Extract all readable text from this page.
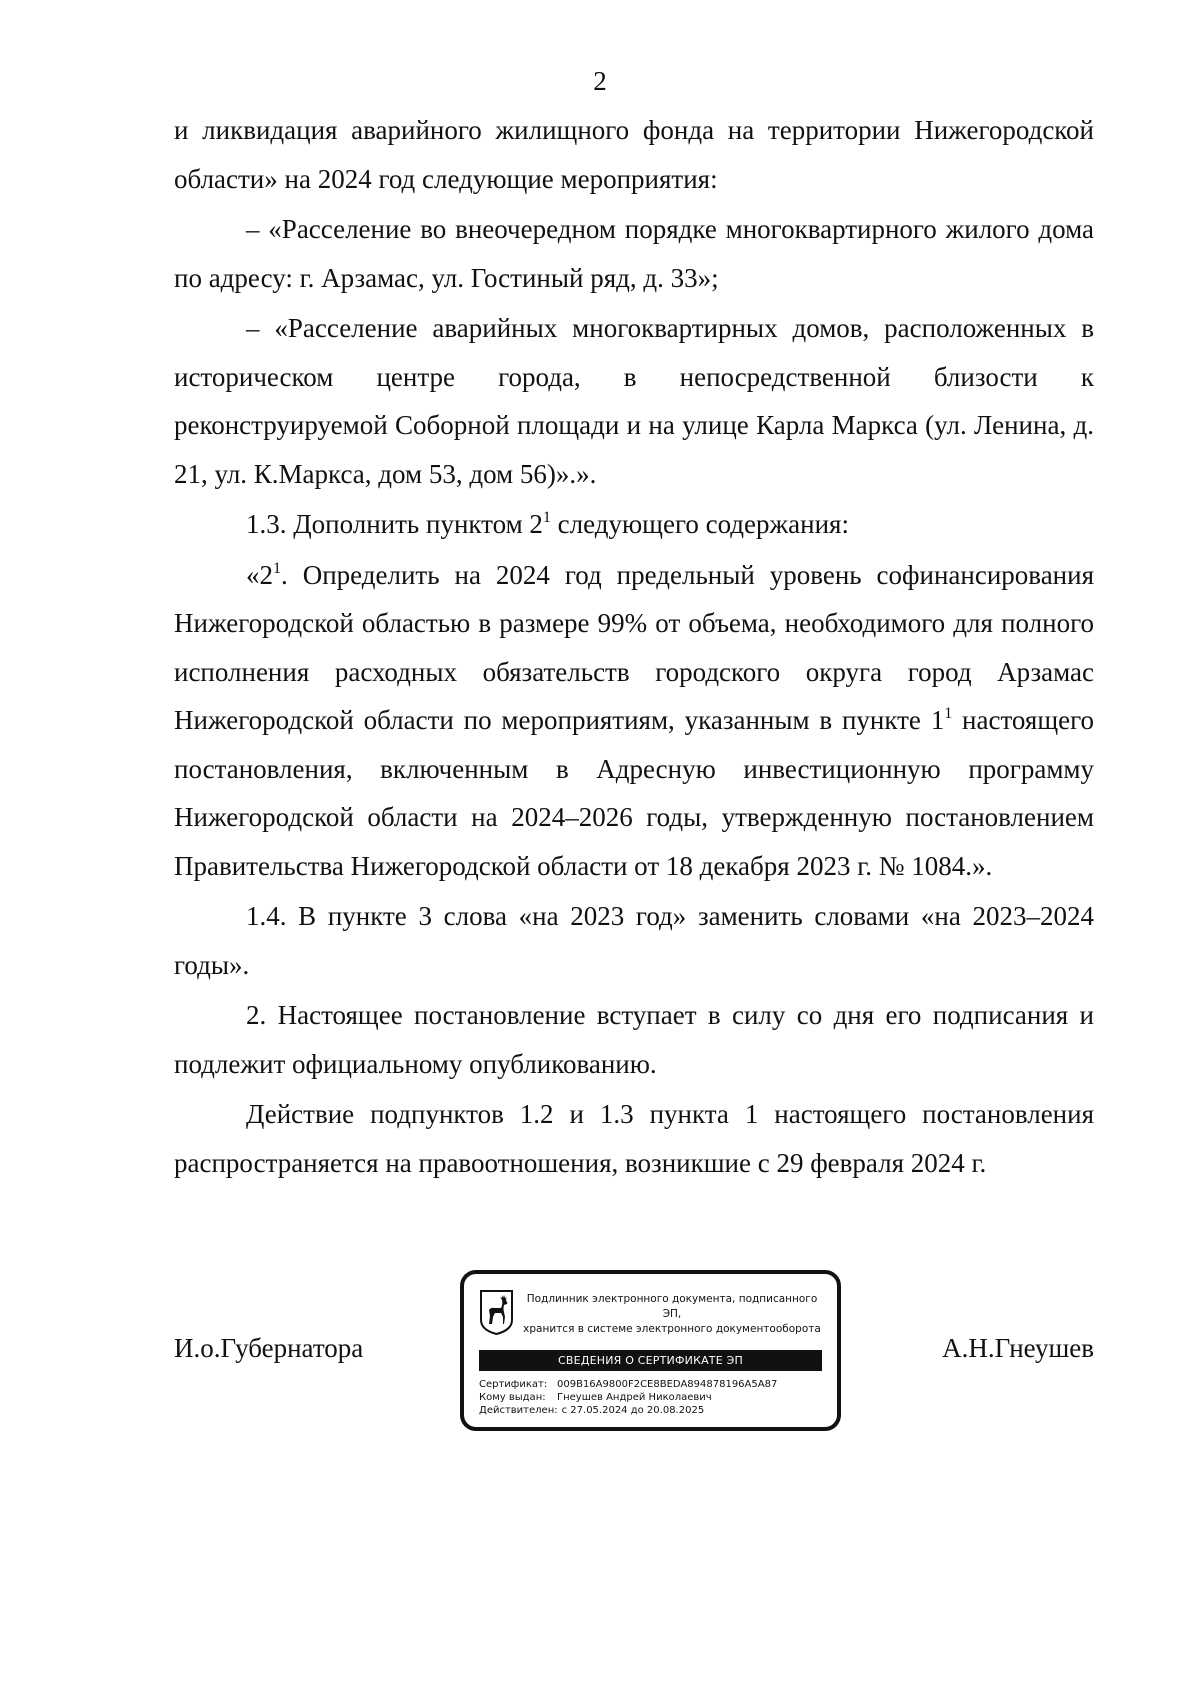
2

и ликвидация аварийного жилищного фонда на территории Нижегородской области» на 2024 год следующие мероприятия:

– «Расселение во внеочередном порядке многоквартирного жилого дома по адресу: г. Арзамас, ул. Гостиный ряд, д. 33»;

– «Расселение аварийных многоквартирных домов, расположенных в историческом центре города, в непосредственной близости к реконструируемой Соборной площади и на улице Карла Маркса (ул. Ленина, д. 21, ул. К.Маркса, дом 53, дом 56)».».

1.3. Дополнить пунктом $2^1$ следующего содержания:

«$2^1$. Определить на 2024 год предельный уровень софинансирования Нижегородской областью в размере 99% от объема, необходимого для полного исполнения расходных обязательств городского округа город Арзамас Нижегородской области по мероприятиям, указанным в пункте $1^1$ настоящего постановления, включенным в Адресную инвестиционную программу Нижегородской области на 2024–2026 годы, утвержденную постановлением Правительства Нижегородской области от 18 декабря 2023 г. № 1084.».

1.4. В пункте 3 слова «на 2023 год» заменить словами «на 2023–2024 годы».

2. Настоящее постановление вступает в силу со дня его подписания и подлежит официальному опубликованию.

Действие подпунктов 1.2 и 1.3 пункта 1 настоящего постановления распространяется на правоотношения, возникшие с 29 февраля 2024 г.

И.о.Губернатора	А.Н.Гнеушев
Подлинник электронного документа, подписанного ЭП,
хранится в системе электронного документооборота
СВЕДЕНИЯ О СЕРТИФИКАТЕ ЭП
Сертификат: 009B16A9800F2CE8BEDA894878196A5A87
Кому выдан: Гнеушев Андрей Николаевич
Действителен: с 27.05.2024 до 20.08.2025
